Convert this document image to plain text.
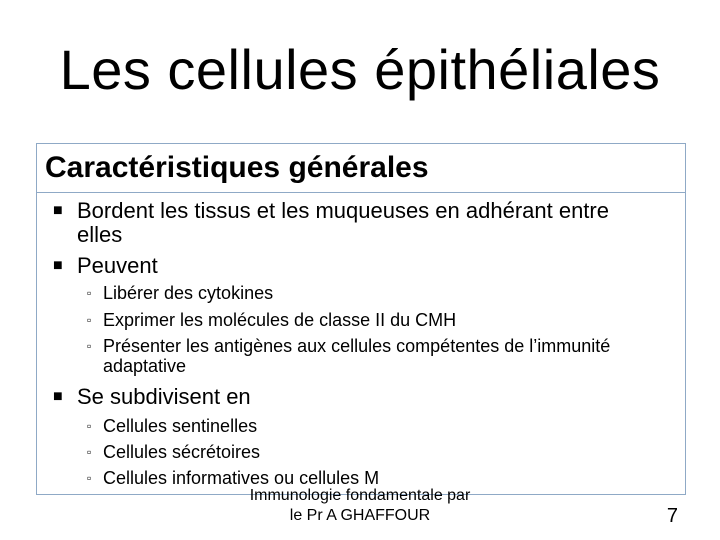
Les cellules épithéliales
Caractéristiques générales
■ Bordent les tissus et les muqueuses en adhérant entre elles
■ Peuvent
▫ Libérer des cytokines
▫ Exprimer les molécules de classe II du CMH
▫ Présenter les antigènes aux cellules compétentes de l’immunité adaptative
■ Se subdivisent en
▫ Cellules sentinelles
▫ Cellules sécrétoires
▫ Cellules informatives ou cellules M
Immunologie fondamentale par le Pr A GHAFFOUR	7
